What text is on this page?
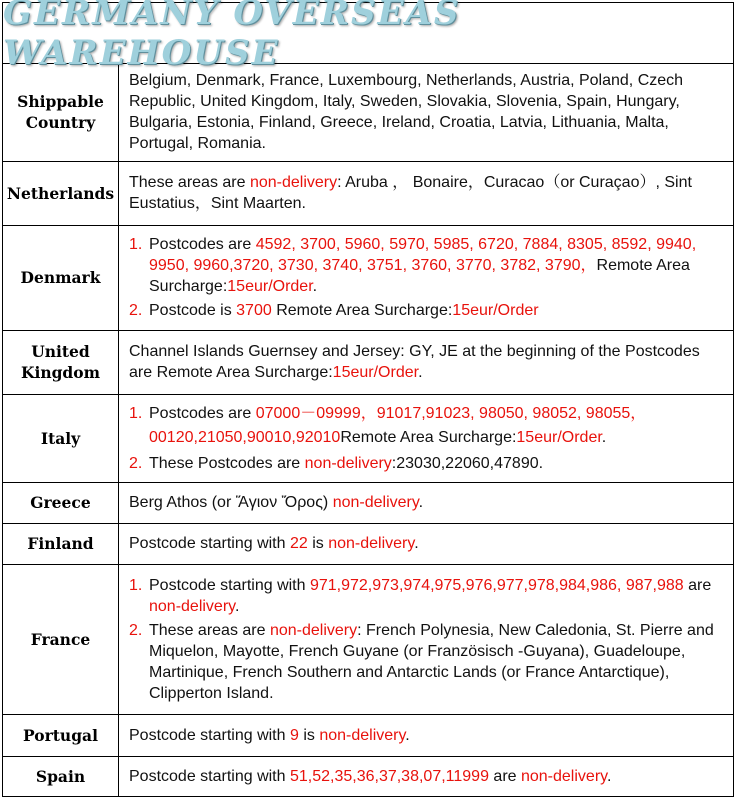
GERMANY OVERSEAS WAREHOUSE
Shippable Country	Belgium, Denmark, France, Luxembourg, Netherlands, Austria, Poland, Czech Republic, United Kingdom, Italy, Sweden, Slovakia, Slovenia, Spain, Hungary, Bulgaria, Estonia, Finland, Greece, Ireland, Croatia, Latvia, Lithuania, Malta, Portugal, Romania.
Netherlands	These areas are non-delivery: Aruba ， Bonaire，Curacao（or Curaçao）, Sint Eustatius，Sint Maarten.
Denmark	1. Postcodes are 4592, 3700, 5960, 5970, 5985, 6720, 7884, 8305, 8592, 9940, 9950, 9960,3720, 3730, 3740, 3751, 3760, 3770, 3782, 3790，Remote Area Surcharge:15eur/Order.
2. Postcode is 3700 Remote Area Surcharge:15eur/Order

United Kingdom	Channel Islands Guernsey and Jersey: GY, JE at the beginning of the Postcodes are Remote Area Surcharge:15eur/Order.
Italy	1. Postcodes are 07000－09999，91017,91023, 98050, 98052, 98055，00120,21050,90010,92010Remote Area Surcharge:15eur/Order.
2. These Postcodes are non-delivery:23030,22060,47890.

Greece	Berg Athos (or Ἅγιον Ὄρος) non-delivery.
Finland	Postcode starting with 22 is non-delivery.
France	1. Postcode starting with 971,972,973,974,975,976,977,978,984,986, 987,988 are non-delivery.
2. These areas are non-delivery: French Polynesia, New Caledonia, St. Pierre and Miquelon, Mayotte, French Guyane (or Französisch -Guyana), Guadeloupe, Martinique, French Southern and Antarctic Lands (or France Antarctique), Clipperton Island.

Portugal	Postcode starting with 9 is non-delivery.
Spain	Postcode starting with 51,52,35,36,37,38,07,11999 are non-delivery.
